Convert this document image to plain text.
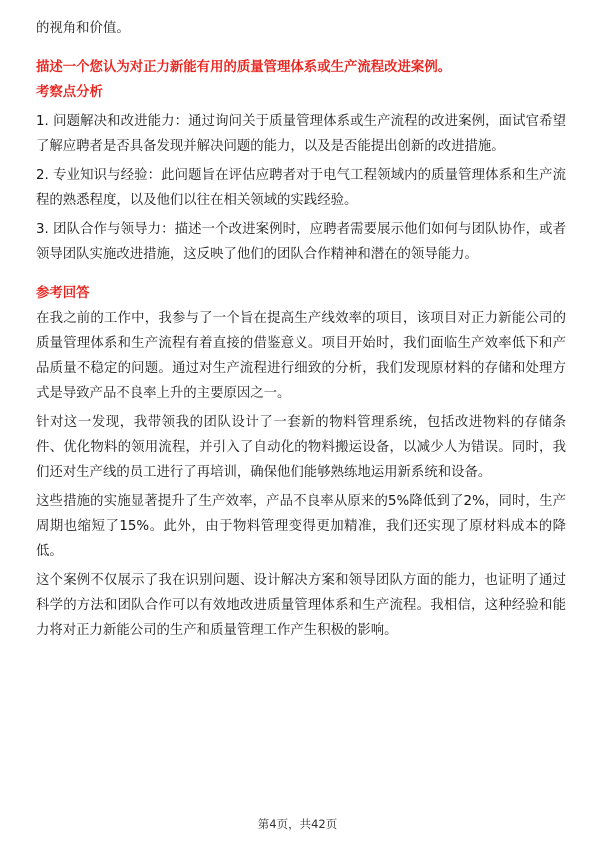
的视角和价值。

描述一个您认为对正力新能有用的质量管理体系或生产流程改进案例。

考察点分析

1. 问题解决和改进能力：通过询问关于质量管理体系或生产流程的改进案例，面试官希望了解应聘者是否具备发现并解决问题的能力，以及是否能提出创新的改进措施。

2. 专业知识与经验：此问题旨在评估应聘者对于电气工程领域内的质量管理体系和生产流程的熟悉程度，以及他们以往在相关领域的实践经验。

3. 团队合作与领导力：描述一个改进案例时，应聘者需要展示他们如何与团队协作，或者领导团队实施改进措施，这反映了他们的团队合作精神和潜在的领导能力。

参考回答

在我之前的工作中，我参与了一个旨在提高生产线效率的项目，该项目对正力新能公司的质量管理体系和生产流程有着直接的借鉴意义。项目开始时，我们面临生产效率低下和产品质量不稳定的问题。通过对生产流程进行细致的分析，我们发现原材料的存储和处理方式是导致产品不良率上升的主要原因之一。

针对这一发现，我带领我的团队设计了一套新的物料管理系统，包括改进物料的存储条件、优化物料的领用流程，并引入了自动化的物料搬运设备，以减少人为错误。同时，我们还对生产线的员工进行了再培训，确保他们能够熟练地运用新系统和设备。

这些措施的实施显著提升了生产效率，产品不良率从原来的5%降低到了2%，同时，生产周期也缩短了15%。此外，由于物料管理变得更加精准，我们还实现了原材料成本的降低。

这个案例不仅展示了我在识别问题、设计解决方案和领导团队方面的能力，也证明了通过科学的方法和团队合作可以有效地改进质量管理体系和生产流程。我相信，这种经验和能力将对正力新能公司的生产和质量管理工作产生积极的影响。

第4页，共42页
